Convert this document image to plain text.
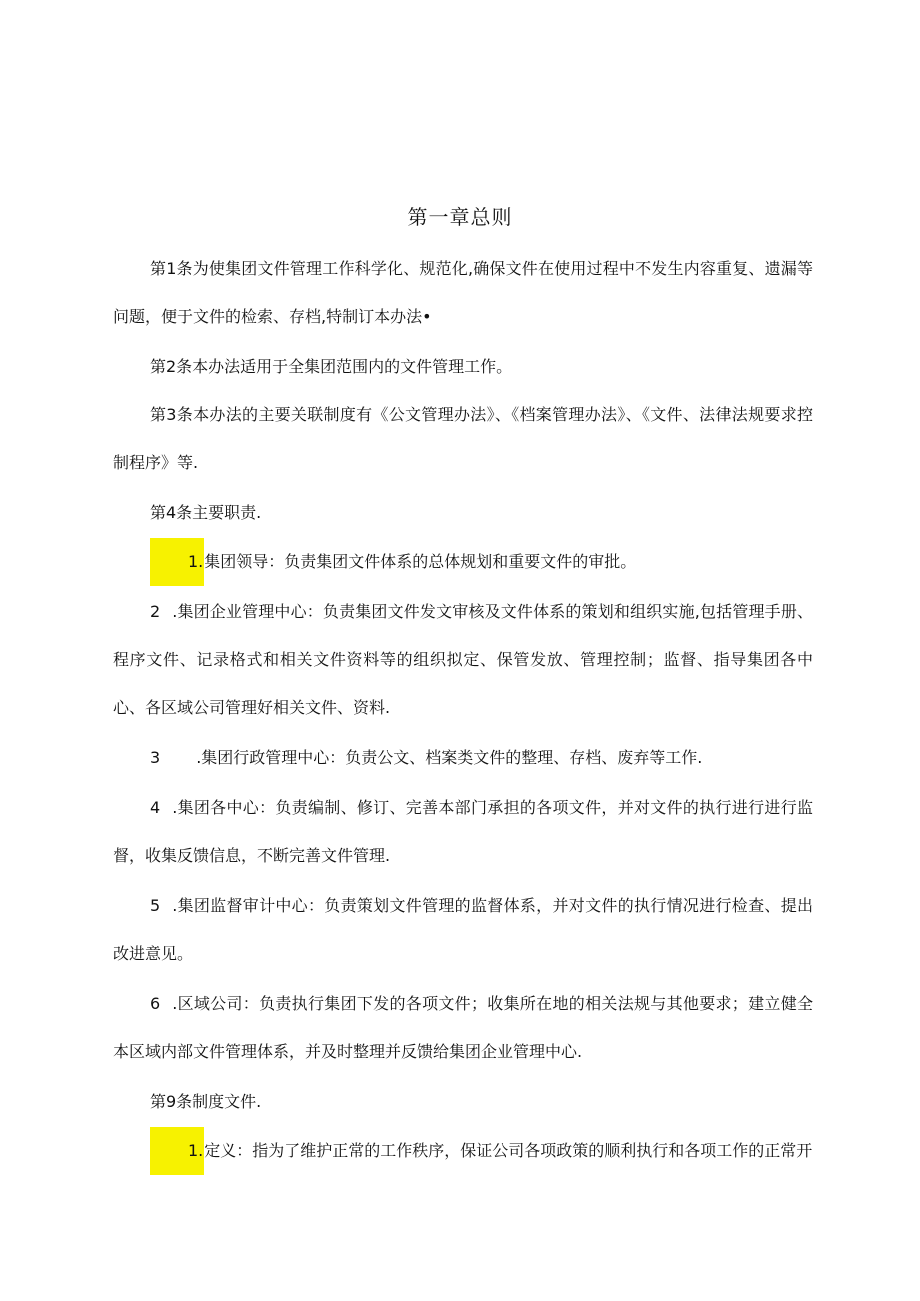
第一章总则
第1条为使集团文件管理工作科学化、规范化,确保文件在使用过程中不发生内容重复、遗漏等问题，便于文件的检索、存档,特制订本办法•
第2条本办法适用于全集团范围内的文件管理工作。
第3条本办法的主要关联制度有《公文管理办法》、《档案管理办法》、《文件、法律法规要求控制程序》等.
第4条主要职责.
1.集团领导：负责集团文件体系的总体规划和重要文件的审批。
2 .集团企业管理中心：负责集团文件发文审核及文件体系的策划和组织实施,包括管理手册、程序文件、记录格式和相关文件资料等的组织拟定、保管发放、管理控制；监督、指导集团各中心、各区域公司管理好相关文件、资料.
3 .集团行政管理中心：负责公文、档案类文件的整理、存档、废弃等工作.
4 .集团各中心：负责编制、修订、完善本部门承担的各项文件，并对文件的执行进行进行监督，收集反馈信息，不断完善文件管理.
5 .集团监督审计中心：负责策划文件管理的监督体系，并对文件的执行情况进行检查、提出改进意见。
6 .区域公司：负责执行集团下发的各项文件；收集所在地的相关法规与其他要求；建立健全本区域内部文件管理体系，并及时整理并反馈给集团企业管理中心.
第9条制度文件.
1.定义：指为了维护正常的工作秩序，保证公司各项政策的顺利执行和各项工作的正常开
